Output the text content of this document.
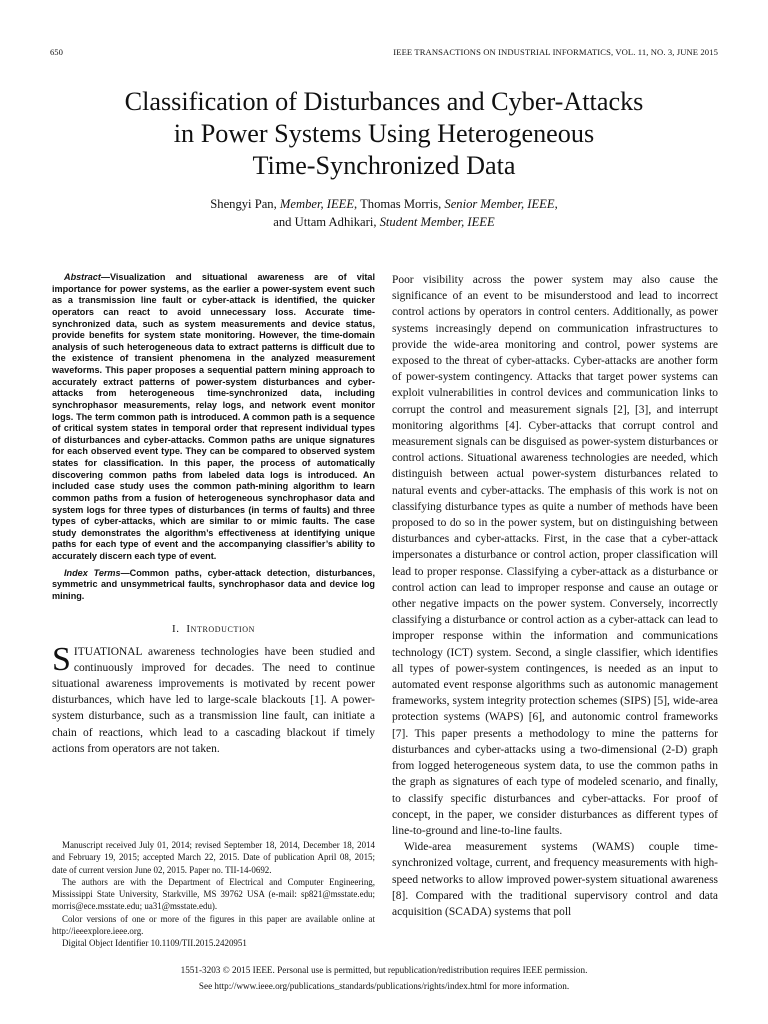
650	IEEE TRANSACTIONS ON INDUSTRIAL INFORMATICS, VOL. 11, NO. 3, JUNE 2015
Classification of Disturbances and Cyber-Attacks
in Power Systems Using Heterogeneous
Time-Synchronized Data
Shengyi Pan, Member, IEEE, Thomas Morris, Senior Member, IEEE,
and Uttam Adhikari, Student Member, IEEE

Abstract—Visualization and situational awareness are of vital importance for power systems, as the earlier a power-system event such as a transmission line fault or cyber-attack is identified, the quicker operators can react to avoid unnecessary loss. Accurate time-synchronized data, such as system measurements and device status, provide benefits for system state monitoring. However, the time-domain analysis of such heterogeneous data to extract patterns is difficult due to the existence of transient phenomena in the analyzed measurement waveforms. This paper proposes a sequential pattern mining approach to accurately extract patterns of power-system disturbances and cyber-attacks from heterogeneous time-synchronized data, including synchrophasor measurements, relay logs, and network event monitor logs. The term common path is introduced. A common path is a sequence of critical system states in temporal order that represent individual types of disturbances and cyber-attacks. Common paths are unique signatures for each observed event type. They can be compared to observed system states for classification. In this paper, the process of automatically discovering common paths from labeled data logs is introduced. An included case study uses the common path-mining algorithm to learn common paths from a fusion of heterogeneous synchrophasor data and system logs for three types of disturbances (in terms of faults) and three types of cyber-attacks, which are similar to or mimic faults. The case study demonstrates the algorithm’s effectiveness at identifying unique paths for each type of event and the accompanying classifier’s ability to accurately discern each type of event.

Index Terms—Common paths, cyber-attack detection, disturbances, symmetric and unsymmetrical faults, synchrophasor data and device log mining.

I. Introduction

SITUATIONAL awareness technologies have been studied and continuously improved for decades. The need to continue situational awareness improvements is motivated by recent power disturbances, which have led to large-scale blackouts [1]. A power-system disturbance, such as a transmission line fault, can initiate a chain of reactions, which lead to a cascading blackout if timely actions from operators are not taken.

Manuscript received July 01, 2014; revised September 18, 2014, December 18, 2014 and February 19, 2015; accepted March 22, 2015. Date of publication April 08, 2015; date of current version June 02, 2015. Paper no. TII-14-0692.

The authors are with the Department of Electrical and Computer Engineering, Mississippi State University, Starkville, MS 39762 USA (e-mail: sp821@msstate.edu; morris@ece.msstate.edu; ua31@msstate.edu).

Color versions of one or more of the figures in this paper are available online at http://ieeexplore.ieee.org.

Digital Object Identifier 10.1109/TII.2015.2420951

Poor visibility across the power system may also cause the significance of an event to be misunderstood and lead to incorrect control actions by operators in control centers. Additionally, as power systems increasingly depend on communication infrastructures to provide the wide-area monitoring and control, power systems are exposed to the threat of cyber-attacks. Cyber-attacks are another form of power-system contingency. Attacks that target power systems can exploit vulnerabilities in control devices and communication links to corrupt the control and measurement signals [2], [3], and interrupt monitoring algorithms [4]. Cyber-attacks that corrupt control and measurement signals can be disguised as power-system disturbances or control actions. Situational awareness technologies are needed, which distinguish between actual power-system disturbances related to natural events and cyber-attacks. The emphasis of this work is not on classifying disturbance types as quite a number of methods have been proposed to do so in the power system, but on distinguishing between disturbances and cyber-attacks. First, in the case that a cyber-attack impersonates a disturbance or control action, proper classification will lead to proper response. Classifying a cyber-attack as a disturbance or control action can lead to improper response and cause an outage or other negative impacts on the power system. Conversely, incorrectly classifying a disturbance or control action as a cyber-attack can lead to improper response within the information and communications technology (ICT) system. Second, a single classifier, which identifies all types of power-system contingences, is needed as an input to automated event response algorithms such as autonomic management frameworks, system integrity protection schemes (SIPS) [5], wide-area protection systems (WAPS) [6], and autonomic control frameworks [7]. This paper presents a methodology to mine the patterns for disturbances and cyber-attacks using a two-dimensional (2-D) graph from logged heterogeneous system data, to use the common paths in the graph as signatures of each type of modeled scenario, and finally, to classify specific disturbances and cyber-attacks. For proof of concept, in the paper, we consider disturbances as different types of line-to-ground and line-to-line faults.

Wide-area measurement systems (WAMS) couple time-synchronized voltage, current, and frequency measurements with high-speed networks to allow improved power-system situational awareness [8]. Compared with the traditional supervisory control and data acquisition (SCADA) systems that poll

1551-3203 © 2015 IEEE. Personal use is permitted, but republication/redistribution requires IEEE permission.
See http://www.ieee.org/publications_standards/publications/rights/index.html for more information.
